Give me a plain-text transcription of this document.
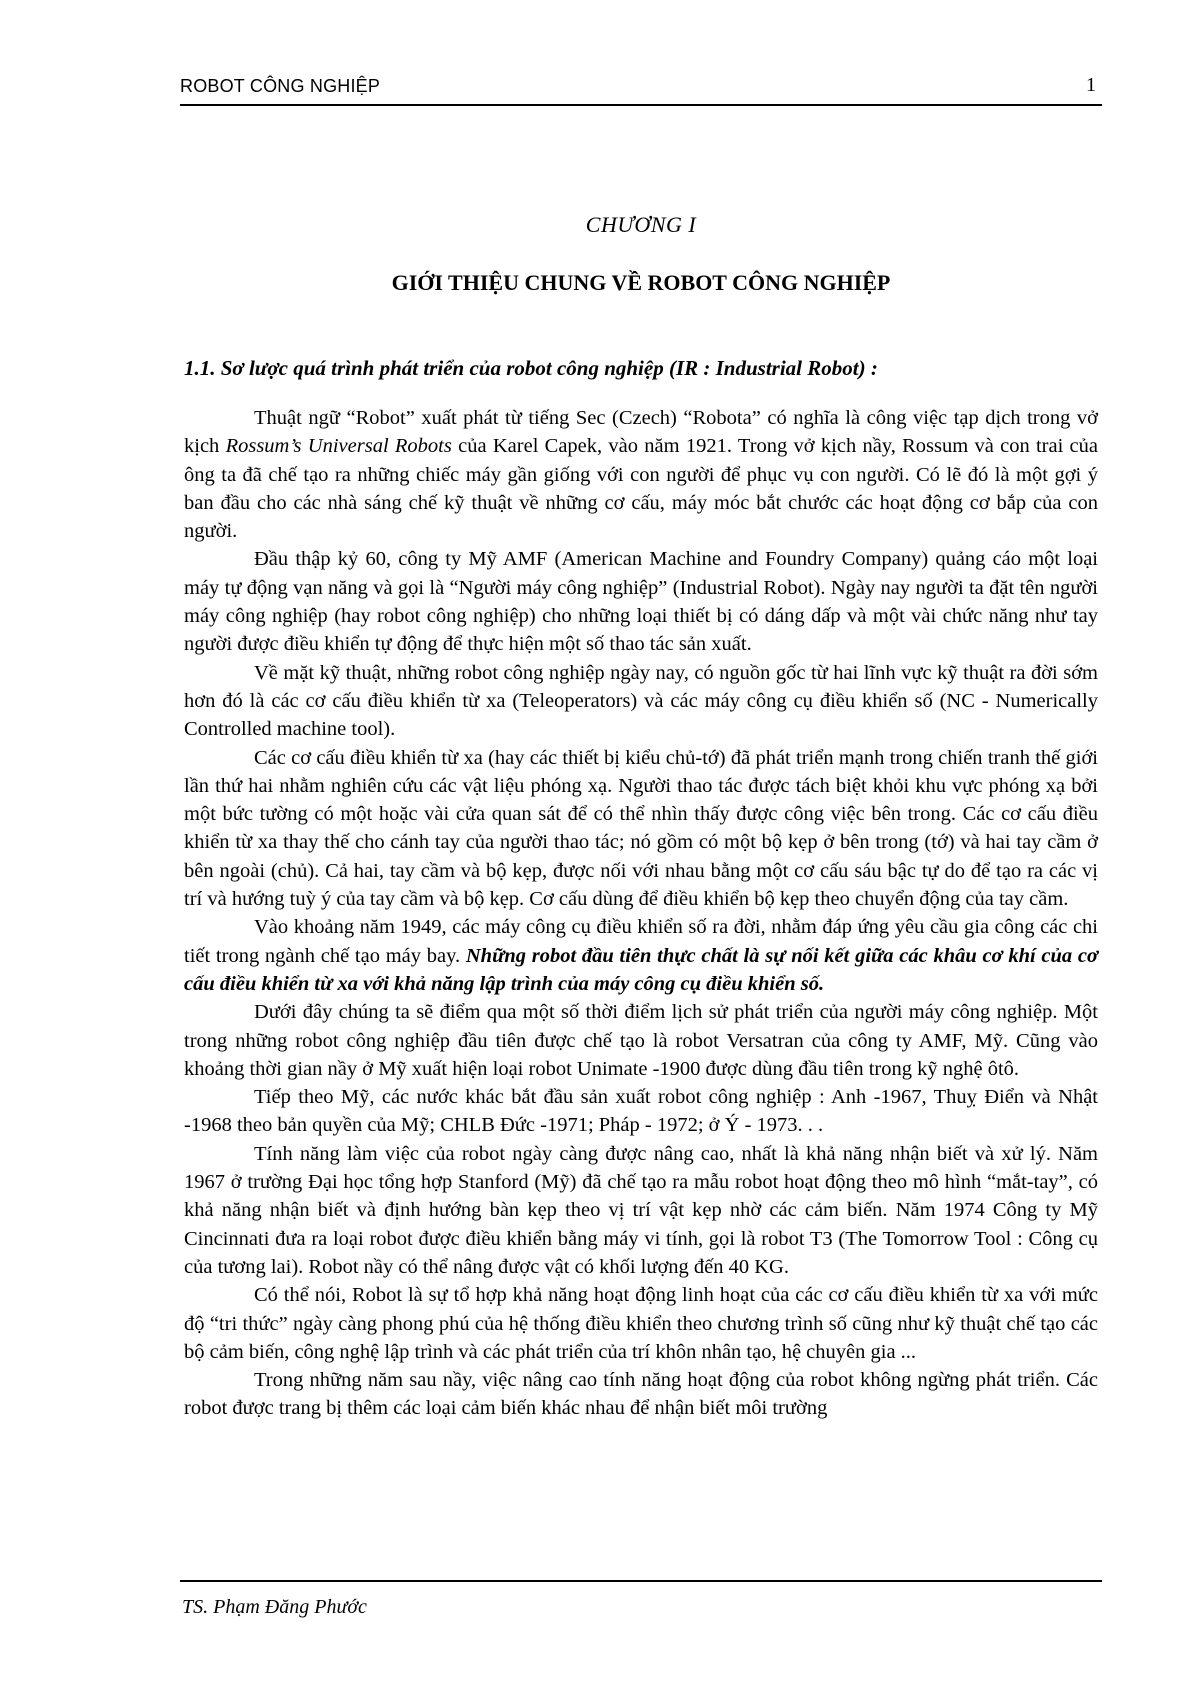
ROBOT CÔNG NGHIỆP	1
CHƯƠNG I
GIỚI THIỆU CHUNG VỀ ROBOT CÔNG NGHIỆP
1.1. Sơ lược quá trình phát triển của robot công nghiệp (IR : Industrial Robot) :

Thuật ngữ “Robot” xuất phát từ tiếng Sec (Czech) “Robota” có nghĩa là công việc tạp dịch trong vở kịch Rossum’s Universal Robots của Karel Capek, vào năm 1921. Trong vở kịch nầy, Rossum và con trai của ông ta đã chế tạo ra những chiếc máy gần giống với con người để phục vụ con người. Có lẽ đó là một gợi ý ban đầu cho các nhà sáng chế kỹ thuật về những cơ cấu, máy móc bắt chước các hoạt động cơ bắp của con người.

Đầu thập kỷ 60, công ty Mỹ AMF (American Machine and Foundry Company) quảng cáo một loại máy tự động vạn năng và gọi là “Người máy công nghiệp” (Industrial Robot). Ngày nay người ta đặt tên người máy công nghiệp (hay robot công nghiệp) cho những loại thiết bị có dáng dấp và một vài chức năng như tay người được điều khiển tự động để thực hiện một số thao tác sản xuất.

Về mặt kỹ thuật, những robot công nghiệp ngày nay, có nguồn gốc từ hai lĩnh vực kỹ thuật ra đời sớm hơn đó là các cơ cấu điều khiển từ xa (Teleoperators) và các máy công cụ điều khiển số (NC - Numerically Controlled machine tool).

Các cơ cấu điều khiển từ xa (hay các thiết bị kiểu chủ-tớ) đã phát triển mạnh trong chiến tranh thế giới lần thứ hai nhằm nghiên cứu các vật liệu phóng xạ. Người thao tác được tách biệt khỏi khu vực phóng xạ bởi một bức tường có một hoặc vài cửa quan sát để có thể nhìn thấy được công việc bên trong. Các cơ cấu điều khiển từ xa thay thế cho cánh tay của người thao tác; nó gồm có một bộ kẹp ở bên trong (tớ) và hai tay cầm ở bên ngoài (chủ). Cả hai, tay cầm và bộ kẹp, được nối với nhau bằng một cơ cấu sáu bậc tự do để tạo ra các vị trí và hướng tuỳ ý của tay cầm và bộ kẹp. Cơ cấu dùng để điều khiển bộ kẹp theo chuyển động của tay cầm.

Vào khoảng năm 1949, các máy công cụ điều khiển số ra đời, nhằm đáp ứng yêu cầu gia công các chi tiết trong ngành chế tạo máy bay. Những robot đầu tiên thực chất là sự nối kết giữa các khâu cơ khí của cơ cấu điều khiển từ xa với khả năng lập trình của máy công cụ điều khiển số.

Dưới đây chúng ta sẽ điểm qua một số thời điểm lịch sử phát triển của người máy công nghiệp. Một trong những robot công nghiệp đầu tiên được chế tạo là robot Versatran của công ty AMF, Mỹ. Cũng vào khoảng thời gian nầy ở Mỹ xuất hiện loại robot Unimate -1900 được dùng đầu tiên trong kỹ nghệ ôtô.

Tiếp theo Mỹ, các nước khác bắt đầu sản xuất robot công nghiệp : Anh -1967, Thuỵ Điển và Nhật -1968 theo bản quyền của Mỹ; CHLB Đức -1971; Pháp - 1972; ở Ý - 1973. . .

Tính năng làm việc của robot ngày càng được nâng cao, nhất là khả năng nhận biết và xử lý. Năm 1967 ở trường Đại học tổng hợp Stanford (Mỹ) đã chế tạo ra mẫu robot hoạt động theo mô hình “mắt-tay”, có khả năng nhận biết và định hướng bàn kẹp theo vị trí vật kẹp nhờ các cảm biến. Năm 1974 Công ty Mỹ Cincinnati đưa ra loại robot được điều khiển bằng máy vi tính, gọi là robot T3 (The Tomorrow Tool : Công cụ của tương lai). Robot nầy có thể nâng được vật có khối lượng đến 40 KG.

Có thể nói, Robot là sự tổ hợp khả năng hoạt động linh hoạt của các cơ cấu điều khiển từ xa với mức độ “tri thức” ngày càng phong phú của hệ thống điều khiển theo chương trình số cũng như kỹ thuật chế tạo các bộ cảm biến, công nghệ lập trình và các phát triển của trí khôn nhân tạo, hệ chuyên gia ...

Trong những năm sau nầy, việc nâng cao tính năng hoạt động của robot không ngừng phát triển. Các robot được trang bị thêm các loại cảm biến khác nhau để nhận biết môi trường

TS. Phạm Đăng Phước
